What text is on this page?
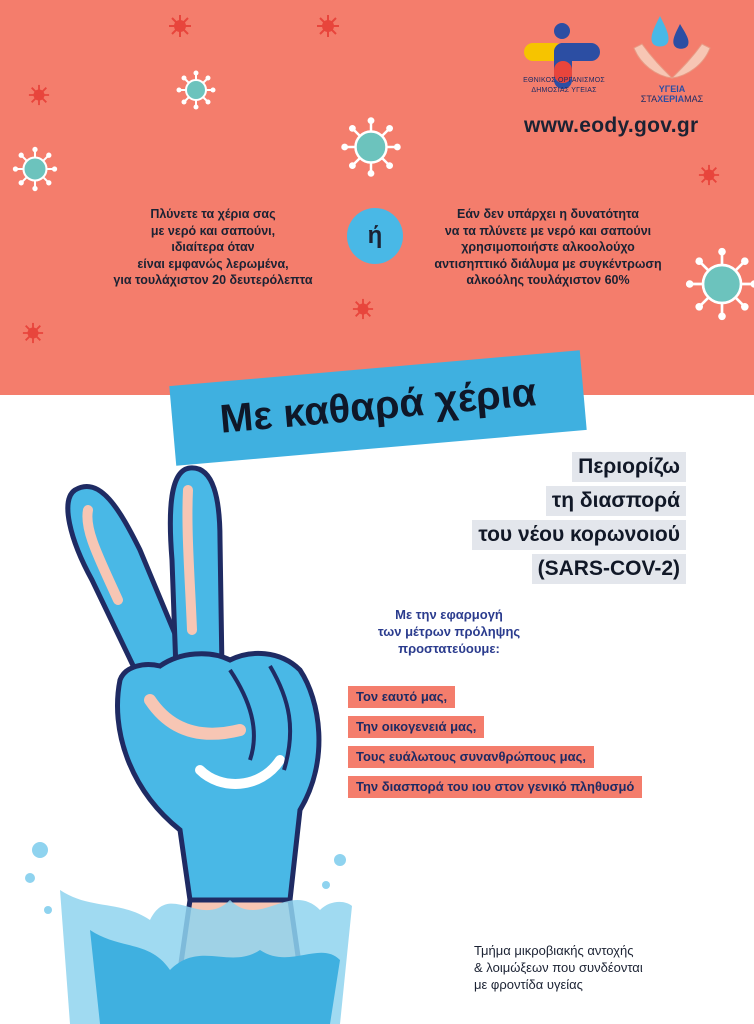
ΕΘΝΙΚΟΣ ΟΡΓΑΝΙΣΜΟΣ
ΔΗΜΟΣΙΑΣ ΥΓΕΙΑΣ	ΥΓΕΙΑ
ΣΤΑΧΕΡΙΑΜΑΣ
www.eody.gov.gr
Πλύνετε τα χέρια σας
με νερό και σαπούνι,
ιδιαίτερα όταν
είναι εμφανώς λερωμένα,
για τουλάχιστον 20 δευτερόλεπτα
ή
Εάν δεν υπάρχει η δυνατότητα
να τα πλύνετε με νερό και σαπούνι
χρησιμοποιήστε αλκοολούχο
αντισηπτικό διάλυμα με συγκέντρωση
αλκοόλης τουλάχιστον 60%
Με καθαρά χέρια
Περιορίζω
τη διασπορά
του νέου κορωνοιού
(SARS-COV-2)
Με την εφαρμογή
των μέτρων πρόληψης
προστατεύουμε:
Τον εαυτό μας,
Την οικογενειά μας,
Τους ευάλωτους συνανθρώπους μας,
Την διασπορά του ιου στον γενικό πληθυσμό
Τμήμα μικροβιακής αντοχής
& λοιμώξεων που συνδέονται
με φροντίδα υγείας
